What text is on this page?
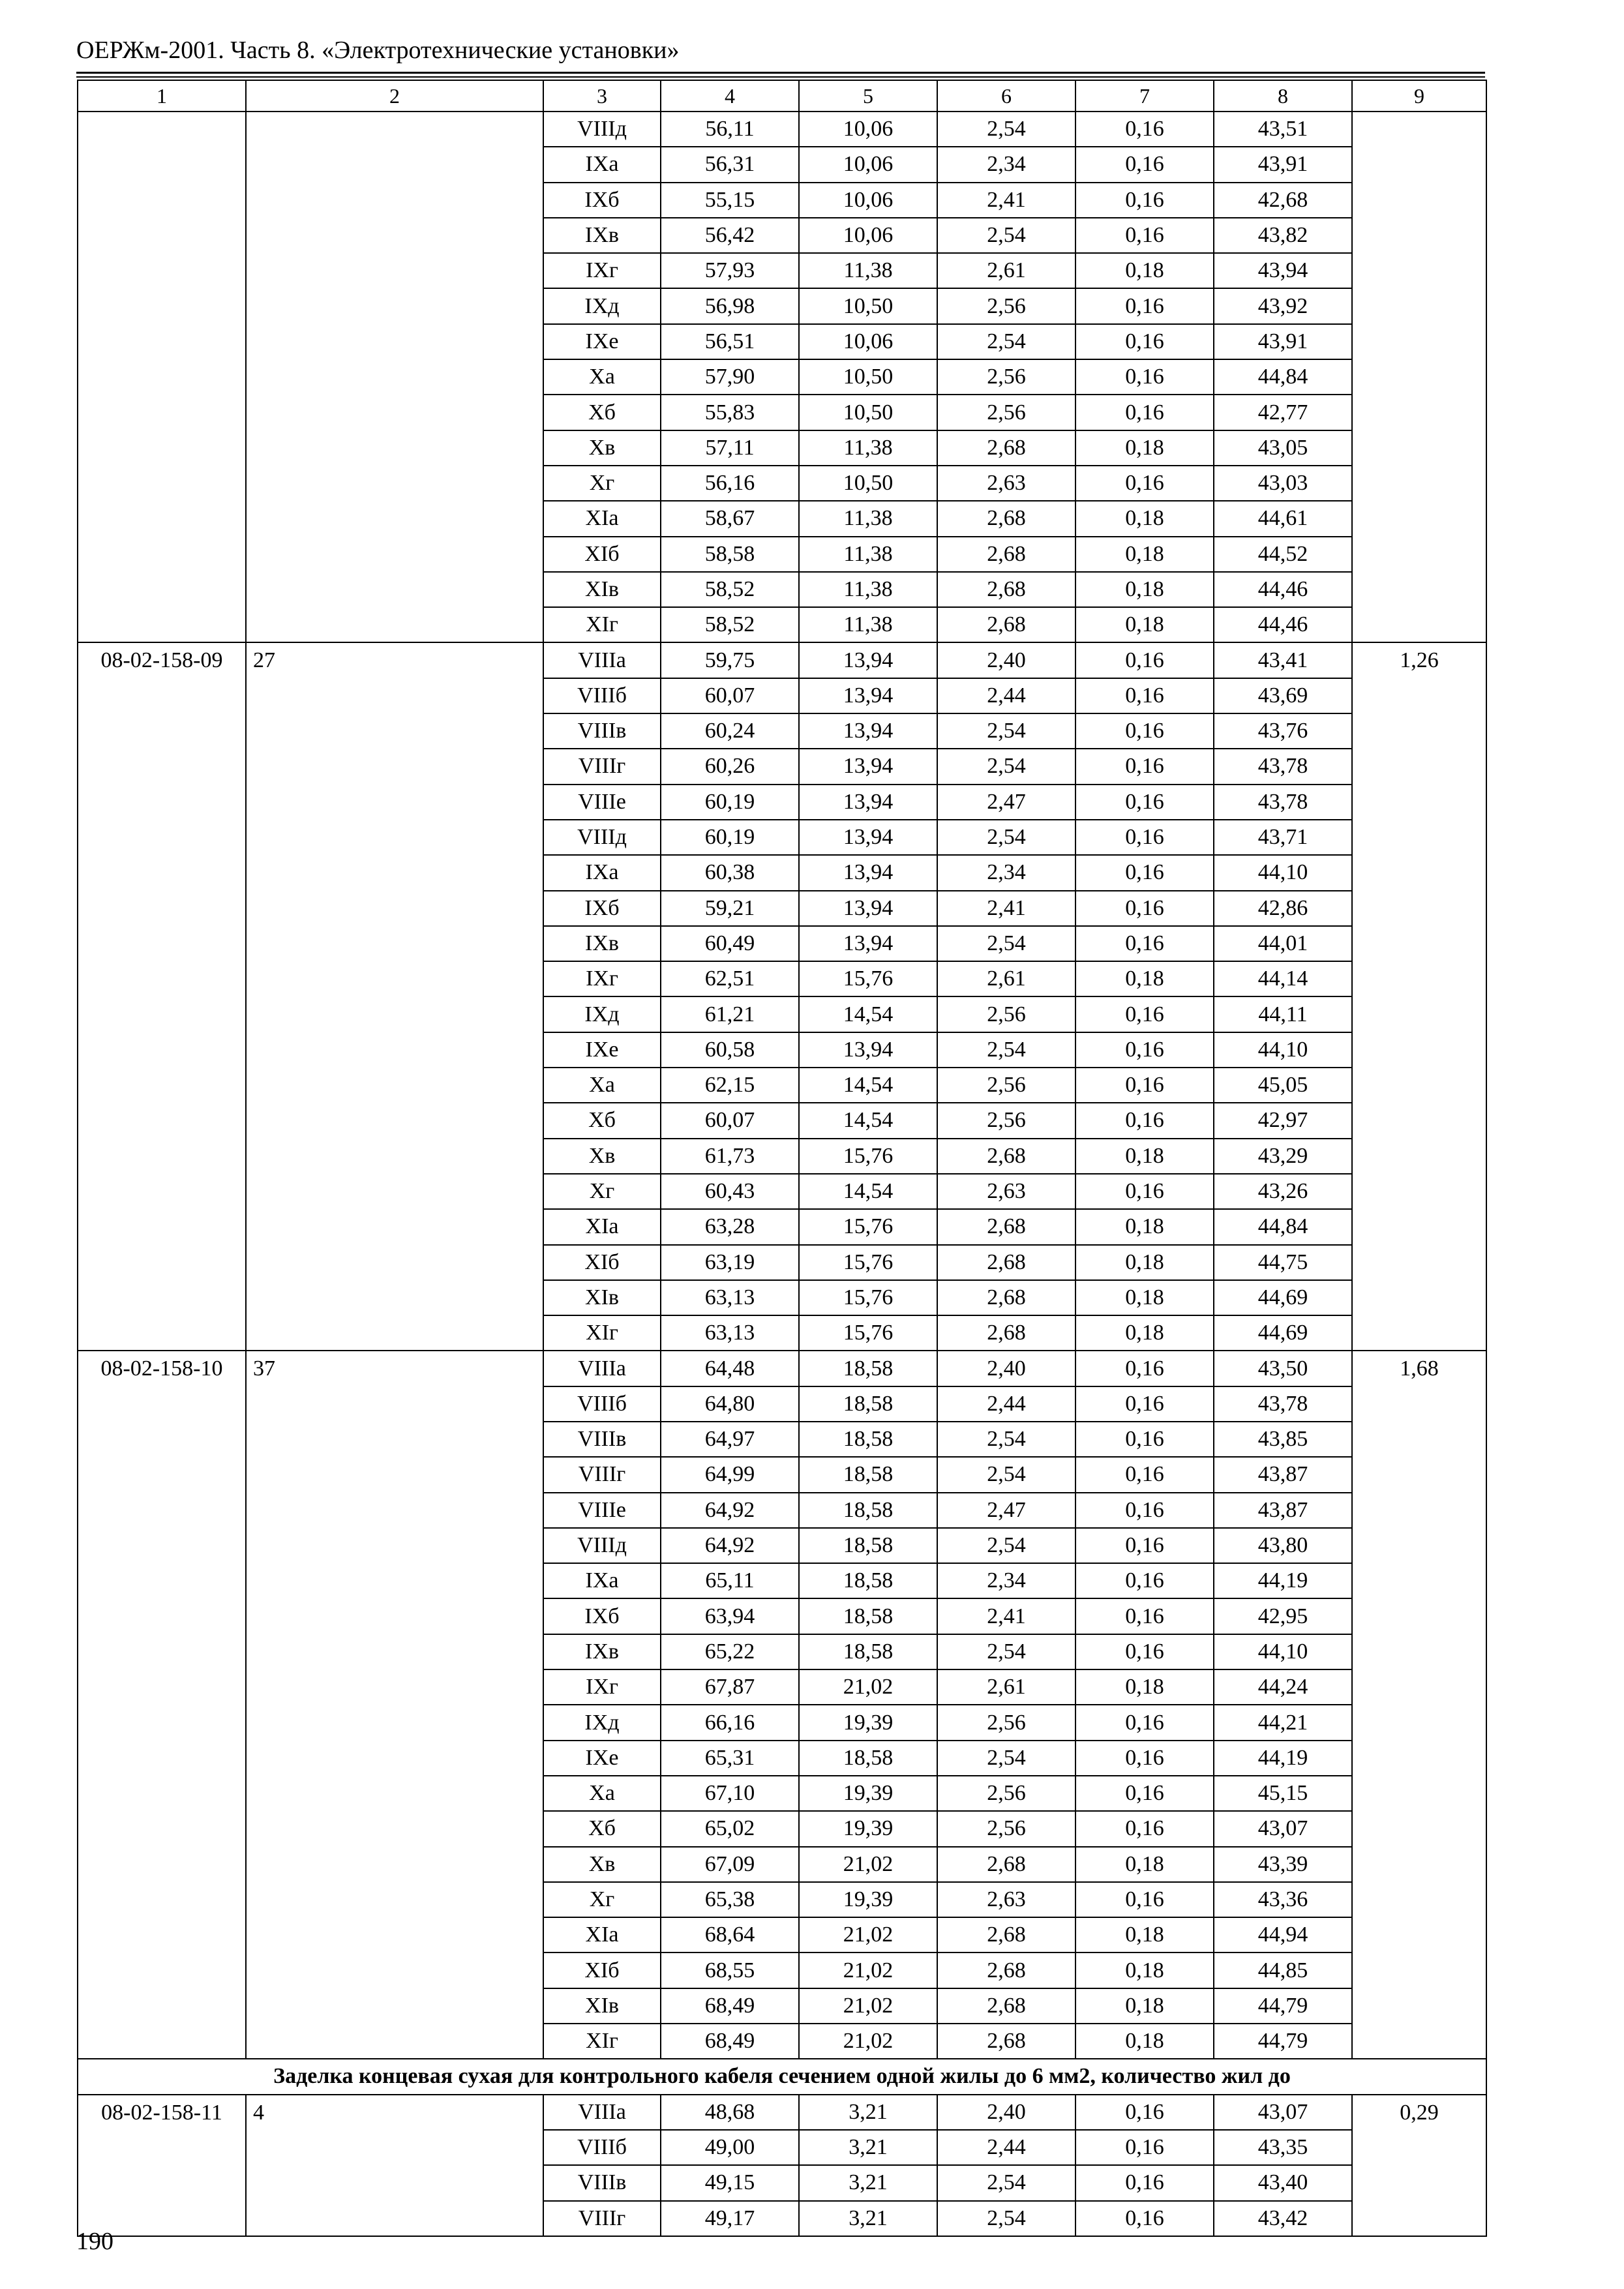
ОЕРЖм-2001. Часть 8. «Электротехнические установки»
1	2	3	4	5	6	7	8	9
		VIIIд	56,11	10,06	2,54	0,16	43,51	
		IXa	56,31	10,06	2,34	0,16	43,91	
		IXб	55,15	10,06	2,41	0,16	42,68	
		IXв	56,42	10,06	2,54	0,16	43,82	
		IXг	57,93	11,38	2,61	0,18	43,94	
		IXд	56,98	10,50	2,56	0,16	43,92	
		IXe	56,51	10,06	2,54	0,16	43,91	
		Xa	57,90	10,50	2,56	0,16	44,84	
		Xб	55,83	10,50	2,56	0,16	42,77	
		Xв	57,11	11,38	2,68	0,18	43,05	
		Xг	56,16	10,50	2,63	0,16	43,03	
		XIa	58,67	11,38	2,68	0,18	44,61	
		XIб	58,58	11,38	2,68	0,18	44,52	
		XIв	58,52	11,38	2,68	0,18	44,46	
		XIг	58,52	11,38	2,68	0,18	44,46	
08-02-158-09	27	VIIIa	59,75	13,94	2,40	0,16	43,41	1,26
		VIIIб	60,07	13,94	2,44	0,16	43,69	
		VIIIв	60,24	13,94	2,54	0,16	43,76	
		VIIIг	60,26	13,94	2,54	0,16	43,78	
		VIIIe	60,19	13,94	2,47	0,16	43,78	
		VIIIд	60,19	13,94	2,54	0,16	43,71	
		IXa	60,38	13,94	2,34	0,16	44,10	
		IXб	59,21	13,94	2,41	0,16	42,86	
		IXв	60,49	13,94	2,54	0,16	44,01	
		IXг	62,51	15,76	2,61	0,18	44,14	
		IXд	61,21	14,54	2,56	0,16	44,11	
		IXe	60,58	13,94	2,54	0,16	44,10	
		Xa	62,15	14,54	2,56	0,16	45,05	
		Xб	60,07	14,54	2,56	0,16	42,97	
		Xв	61,73	15,76	2,68	0,18	43,29	
		Xг	60,43	14,54	2,63	0,16	43,26	
		XIa	63,28	15,76	2,68	0,18	44,84	
		XIб	63,19	15,76	2,68	0,18	44,75	
		XIв	63,13	15,76	2,68	0,18	44,69	
		XIг	63,13	15,76	2,68	0,18	44,69	
08-02-158-10	37	VIIIa	64,48	18,58	2,40	0,16	43,50	1,68
		VIIIб	64,80	18,58	2,44	0,16	43,78	
		VIIIв	64,97	18,58	2,54	0,16	43,85	
		VIIIг	64,99	18,58	2,54	0,16	43,87	
		VIIIe	64,92	18,58	2,47	0,16	43,87	
		VIIIд	64,92	18,58	2,54	0,16	43,80	
		IXa	65,11	18,58	2,34	0,16	44,19	
		IXб	63,94	18,58	2,41	0,16	42,95	
		IXв	65,22	18,58	2,54	0,16	44,10	
		IXг	67,87	21,02	2,61	0,18	44,24	
		IXд	66,16	19,39	2,56	0,16	44,21	
		IXe	65,31	18,58	2,54	0,16	44,19	
		Xa	67,10	19,39	2,56	0,16	45,15	
		Xб	65,02	19,39	2,56	0,16	43,07	
		Xв	67,09	21,02	2,68	0,18	43,39	
		Xг	65,38	19,39	2,63	0,16	43,36	
		XIa	68,64	21,02	2,68	0,18	44,94	
		XIб	68,55	21,02	2,68	0,18	44,85	
		XIв	68,49	21,02	2,68	0,18	44,79	
		XIг	68,49	21,02	2,68	0,18	44,79	
Заделка концевая сухая для контрольного кабеля сечением одной жилы до 6 мм2, количество жил до								
08-02-158-11	4	VIIIa	48,68	3,21	2,40	0,16	43,07	0,29
		VIIIб	49,00	3,21	2,44	0,16	43,35	
		VIIIв	49,15	3,21	2,54	0,16	43,40	
		VIIIг	49,17	3,21	2,54	0,16	43,42	
190
